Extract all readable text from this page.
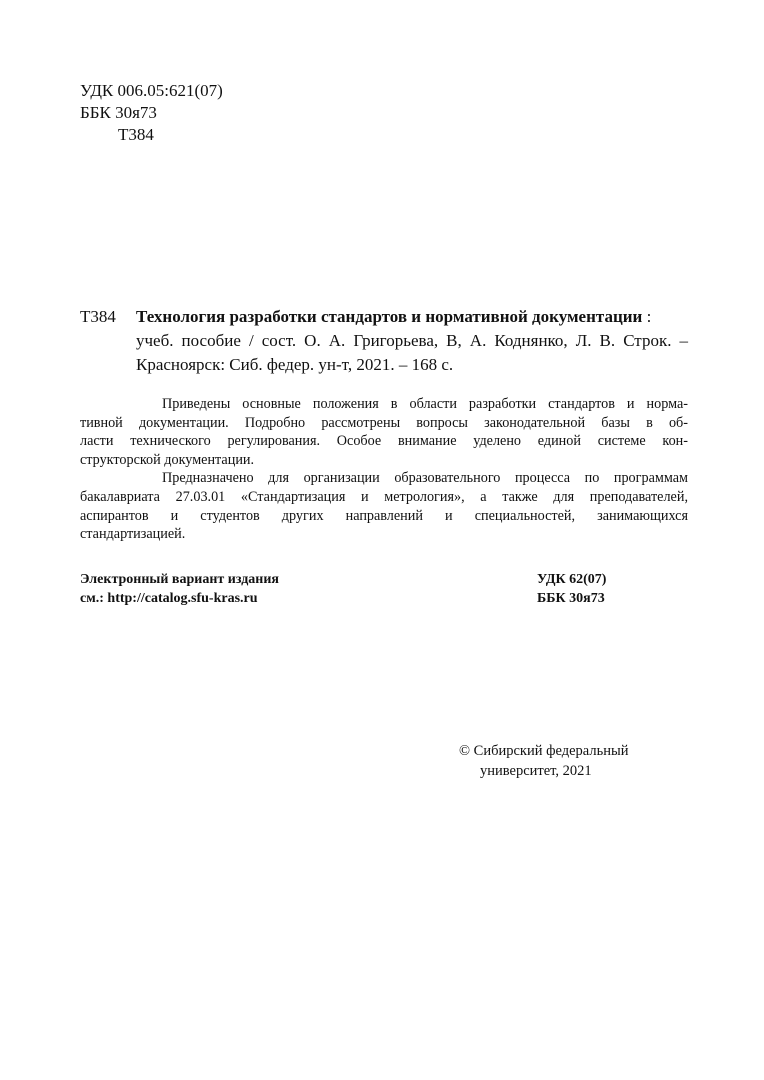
УДК 006.05:621(07)
ББК 30я73
Т384
Т384 Технология разработки стандартов и нормативной документации :
учеб. пособие / сост. О. А. Григорьева, В, А. Коднянко, Л. В. Строк. –
Красноярск: Сиб. федер. ун-т, 2021. – 168 с.
Приведены основные положения в области разработки стандартов и норма-
тивной документации. Подробно рассмотрены вопросы законодательной базы в об-
ласти технического регулирования. Особое внимание уделено единой системе кон-
структорской документации.
Предназначено для организации образовательного процесса по программам
бакалавриата 27.03.01 «Стандартизация и метрология», а также для преподавателей,
аспирантов и студентов других направлений и специальностей, занимающихся
стандартизацией.
Электронный вариант издания
см.: http://catalog.sfu-kras.ru
УДК 62(07)
ББК 30я73
© Сибирский федеральный
университет, 2021
